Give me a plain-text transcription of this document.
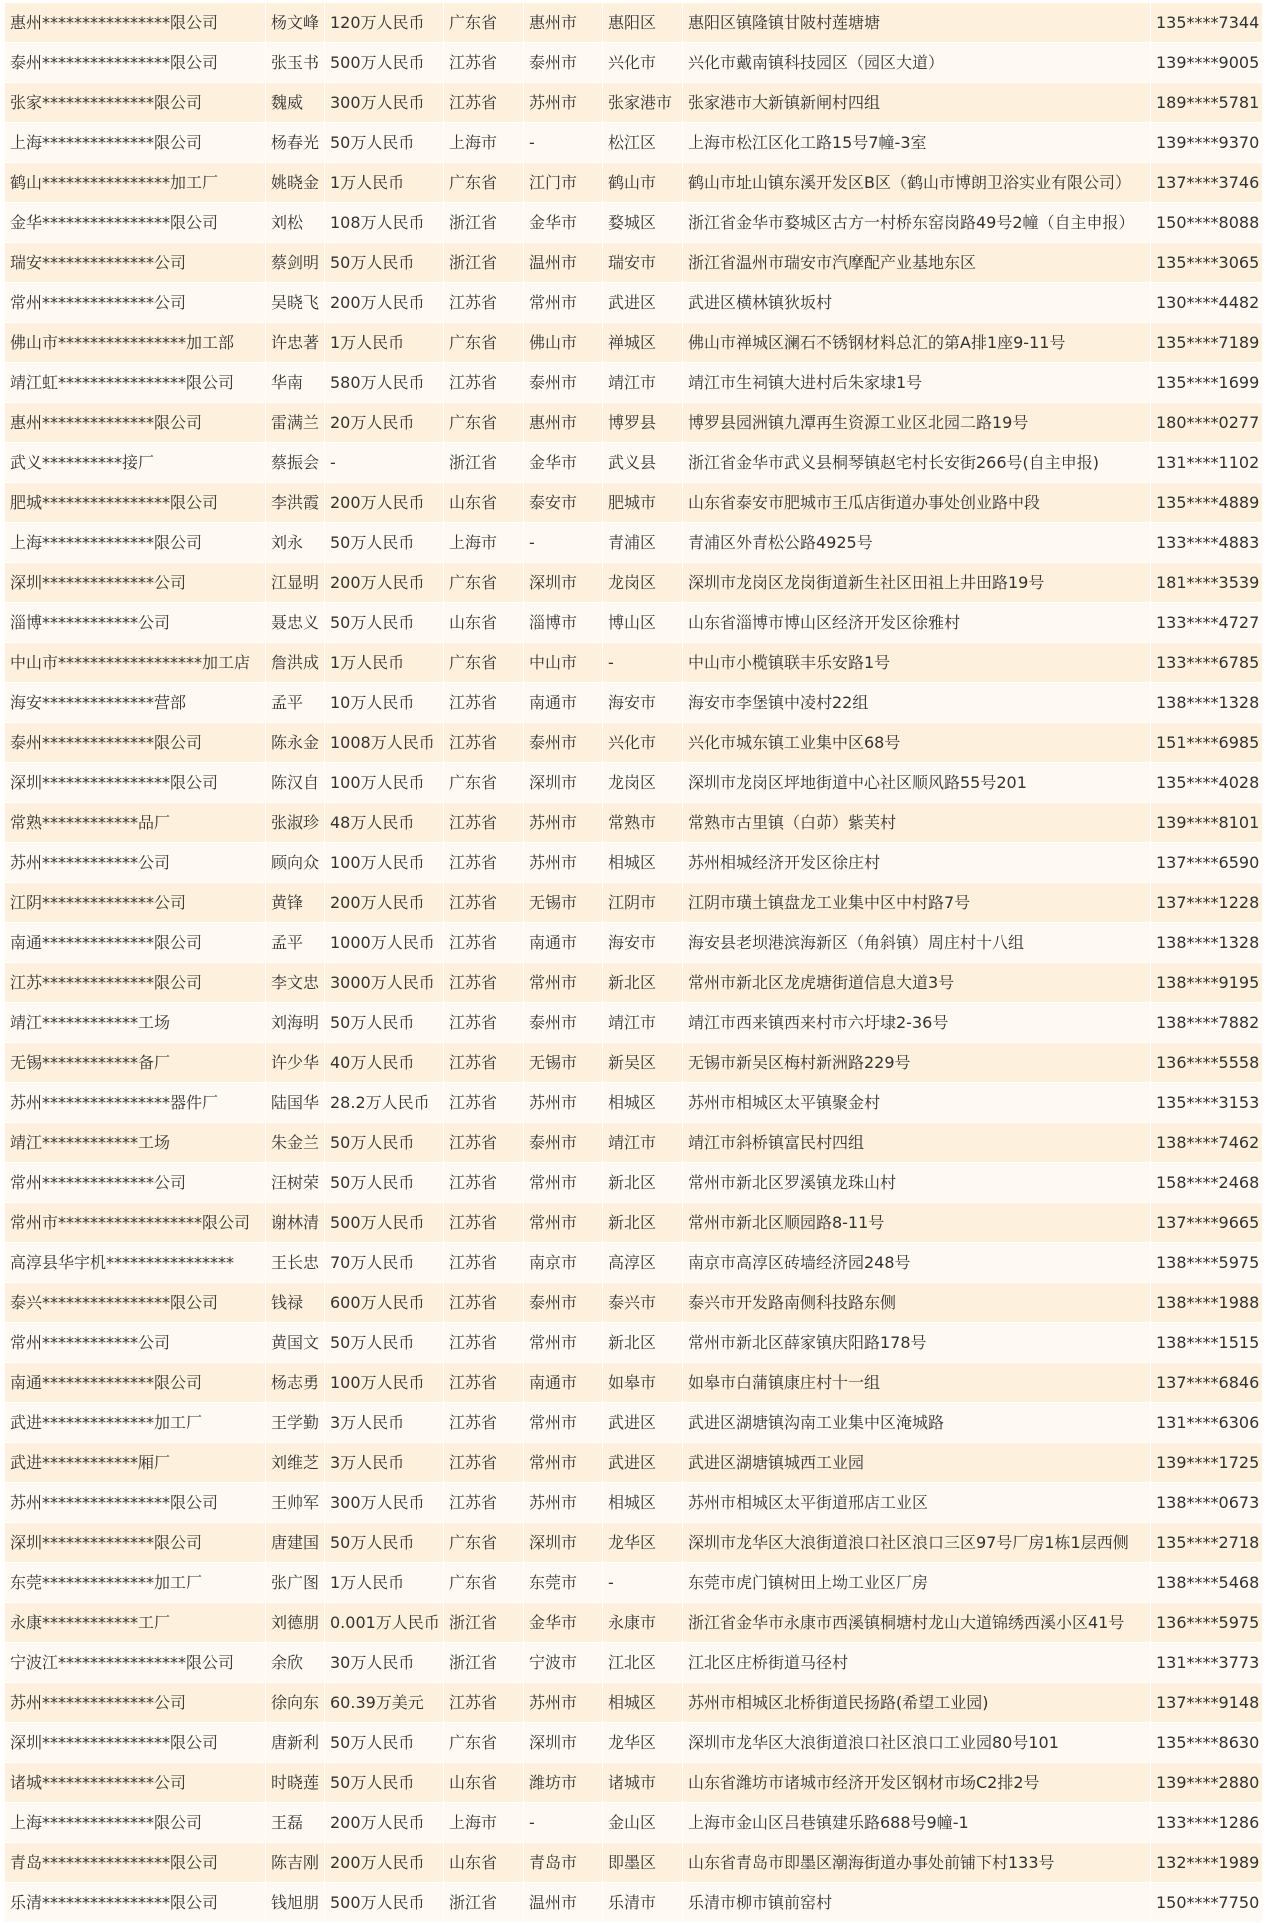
惠州****************限公司	杨文峰 120万人民币	广东省	惠州市	惠阳区	惠阳区镇隆镇甘陂村莲塘塘	135****7344
泰州****************限公司	张玉书 500万人民币	江苏省	泰州市	兴化市	兴化市戴南镇科技园区（园区大道）	139****9005
张家**************限公司	魏威	300万人民币	江苏省	苏州市	张家港市 张家港市大新镇新闸村四组	189****5781
上海**************限公司	杨春光 50万人民币	上海市	-	松江区	上海市松江区化工路15号7幢-3室	139****9370
鹤山****************加工厂	姚晓金 1万人民币	广东省	江门市	鹤山市	鹤山市址山镇东溪开发区B区（鹤山市博朗卫浴实业有限公司）	137****3746
金华****************限公司	刘松	108万人民币	浙江省	金华市	婺城区	浙江省金华市婺城区古方一村桥东窑岗路49号2幢（自主申报）	150****8088
瑞安**************公司	蔡剑明 50万人民币	浙江省	温州市	瑞安市	浙江省温州市瑞安市汽摩配产业基地东区	135****3065
常州**************公司	吴晓飞 200万人民币	江苏省	常州市	武进区	武进区横林镇狄坂村	130****4482
佛山市****************加工部	许忠著 1万人民币	广东省	佛山市	禅城区	佛山市禅城区澜石不锈钢材料总汇的第A排1座9-11号	135****7189
靖江虹****************限公司	华南	580万人民币	江苏省	泰州市	靖江市	靖江市生祠镇大进村后朱家埭1号	135****1699
惠州**************限公司	雷满兰 20万人民币	广东省	惠州市	博罗县	博罗县园洲镇九潭再生资源工业区北园二路19号	180****0277
武义**********接厂	蔡振会 -	浙江省	金华市	武义县	浙江省金华市武义县桐琴镇赵宅村长安街266号(自主申报)	131****1102
肥城****************限公司	李洪霞 200万人民币	山东省	泰安市	肥城市	山东省泰安市肥城市王瓜店街道办事处创业路中段	135****4889
上海**************限公司	刘永	50万人民币	上海市	-	青浦区	青浦区外青松公路4925号	133****4883
深圳**************公司	江显明 200万人民币	广东省	深圳市	龙岗区	深圳市龙岗区龙岗街道新生社区田祖上井田路19号	181****3539
淄博************公司	聂忠义 50万人民币	山东省	淄博市	博山区	山东省淄博市博山区经济开发区徐雅村	133****4727
中山市******************加工店	詹洪成 1万人民币	广东省	中山市	-	中山市小榄镇联丰乐安路1号	133****6785
海安**************营部	孟平	10万人民币	江苏省	南通市	海安市	海安市李堡镇中凌村22组	138****1328
泰州**************限公司	陈永金 1008万人民币 江苏省	泰州市	兴化市	兴化市城东镇工业集中区68号	151****6985
深圳****************限公司	陈汉自 100万人民币	广东省	深圳市	龙岗区	深圳市龙岗区坪地街道中心社区顺风路55号201	135****4028
常熟************品厂	张淑珍 48万人民币	江苏省	苏州市	常熟市	常熟市古里镇（白茆）紫芙村	139****8101
苏州************公司	顾向众 100万人民币	江苏省	苏州市	相城区	苏州相城经济开发区徐庄村	137****6590
江阴**************公司	黄锋	200万人民币	江苏省	无锡市	江阴市	江阴市璜土镇盘龙工业集中区中村路7号	137****1228
南通**************限公司	孟平	1000万人民币 江苏省	南通市	海安市	海安县老坝港滨海新区（角斜镇）周庄村十八组	138****1328
江苏**************限公司	李文忠 3000万人民币 江苏省	常州市	新北区	常州市新北区龙虎塘街道信息大道3号	138****9195
靖江************工场	刘海明 50万人民币	江苏省	泰州市	靖江市	靖江市西来镇西来村市六圩埭2-36号	138****7882
无锡************备厂	许少华 40万人民币	江苏省	无锡市	新吴区	无锡市新吴区梅村新洲路229号	136****5558
苏州****************器件厂	陆国华 28.2万人民币	江苏省	苏州市	相城区	苏州市相城区太平镇聚金村	135****3153
靖江************工场	朱金兰 50万人民币	江苏省	泰州市	靖江市	靖江市斜桥镇富民村四组	138****7462
常州**************公司	汪树荣 50万人民币	江苏省	常州市	新北区	常州市新北区罗溪镇龙珠山村	158****2468
常州市******************限公司	谢林清 500万人民币	江苏省	常州市	新北区	常州市新北区顺园路8-11号	137****9665
高淳县华宇机****************	王长忠 70万人民币	江苏省	南京市	高淳区	南京市高淳区砖墙经济园248号	138****5975
泰兴****************限公司	钱禄	600万人民币	江苏省	泰州市	泰兴市	泰兴市开发路南侧科技路东侧	138****1988
常州************公司	黄国文 50万人民币	江苏省	常州市	新北区	常州市新北区薛家镇庆阳路178号	138****1515
南通**************限公司	杨志勇 100万人民币	江苏省	南通市	如皋市	如皋市白蒲镇康庄村十一组	137****6846
武进**************加工厂	王学勤 3万人民币	江苏省	常州市	武进区	武进区湖塘镇沟南工业集中区淹城路	131****6306
武进************厢厂	刘维芝 3万人民币	江苏省	常州市	武进区	武进区湖塘镇城西工业园	139****1725
苏州****************限公司	王帅军 300万人民币	江苏省	苏州市	相城区	苏州市相城区太平街道邢店工业区	138****0673
深圳**************限公司	唐建国 50万人民币	广东省	深圳市	龙华区	深圳市龙华区大浪街道浪口社区浪口三区97号厂房1栋1层西侧	135****2718
东莞**************加工厂	张广图 1万人民币	广东省	东莞市	-	东莞市虎门镇树田上坳工业区厂房	138****5468
永康************工厂	刘德朋 0.001万人民币 浙江省	金华市	永康市	浙江省金华市永康市西溪镇桐塘村龙山大道锦绣西溪小区41号	136****5975
宁波江****************限公司	余欣	30万人民币	浙江省	宁波市	江北区	江北区庄桥街道马径村	131****3773
苏州**************公司	徐向东 60.39万美元	江苏省	苏州市	相城区	苏州市相城区北桥街道民扬路(希望工业园)	137****9148
深圳****************限公司	唐新利 50万人民币	广东省	深圳市	龙华区	深圳市龙华区大浪街道浪口社区浪口工业园80号101	135****8630
诸城**************公司	时晓莲 50万人民币	山东省	潍坊市	诸城市	山东省潍坊市诸城市经济开发区钢材市场C2排2号	139****2880
上海**************限公司	王磊	200万人民币	上海市	-	金山区	上海市金山区吕巷镇建乐路688号9幢-1	133****1286
青岛****************限公司	陈吉刚 200万人民币	山东省	青岛市	即墨区	山东省青岛市即墨区潮海街道办事处前铺下村133号	132****1989
乐清****************限公司	钱旭朋 500万人民币	浙江省	温州市	乐清市	乐清市柳市镇前窑村	150****7750
